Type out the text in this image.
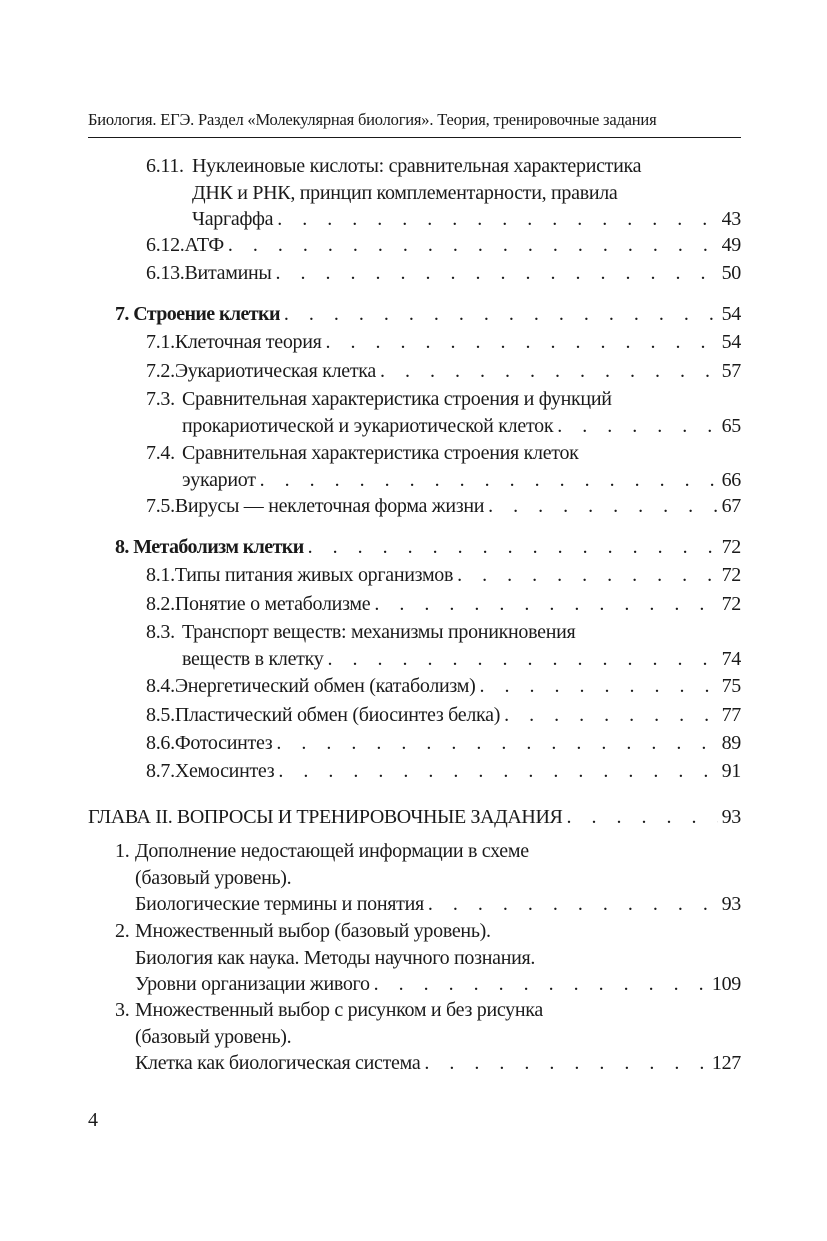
Биология. ЕГЭ. Раздел «Молекулярная биология». Теория, тренировочные задания
6.11. Нуклеиновые кислоты: сравнительная характеристика
ДНК и РНК, принцип комплементарности, правила
Чаргаффа . . .	43
6.12. АТФ . . .	49
6.13. Витамины . . .	50
7. Строение клетки . . .	54
7.1. Клеточная теория . . .	54
7.2. Эукариотическая клетка . . .	57
7.3. Сравнительная характеристика строения и функций
прокариотической и эукариотической клеток . . .	65
7.4. Сравнительная характеристика строения клеток
эукариот . . .	66
7.5. Вирусы — неклеточная форма жизни . . .	67
8. Метаболизм клетки . . .	72
8.1. Типы питания живых организмов . . .	72
8.2. Понятие о метаболизме . . .	72
8.3. Транспорт веществ: механизмы проникновения
веществ в клетку . . .	74
8.4. Энергетический обмен (катаболизм) . . .	75
8.5. Пластический обмен (биосинтез белка) . . .	77
8.6. Фотосинтез . . .	89
8.7. Хемосинтез . . .	91
ГЛАВА II. ВОПРОСЫ И ТРЕНИРОВОЧНЫЕ ЗАДАНИЯ . . .	93
1. Дополнение недостающей информации в схеме
(базовый уровень).
Биологические термины и понятия . . .	93
2. Множественный выбор (базовый уровень).
Биология как наука. Методы научного познания.
Уровни организации живого . . .	109
3. Множественный выбор с рисунком и без рисунка
(базовый уровень).
Клетка как биологическая система . . .	127
4
